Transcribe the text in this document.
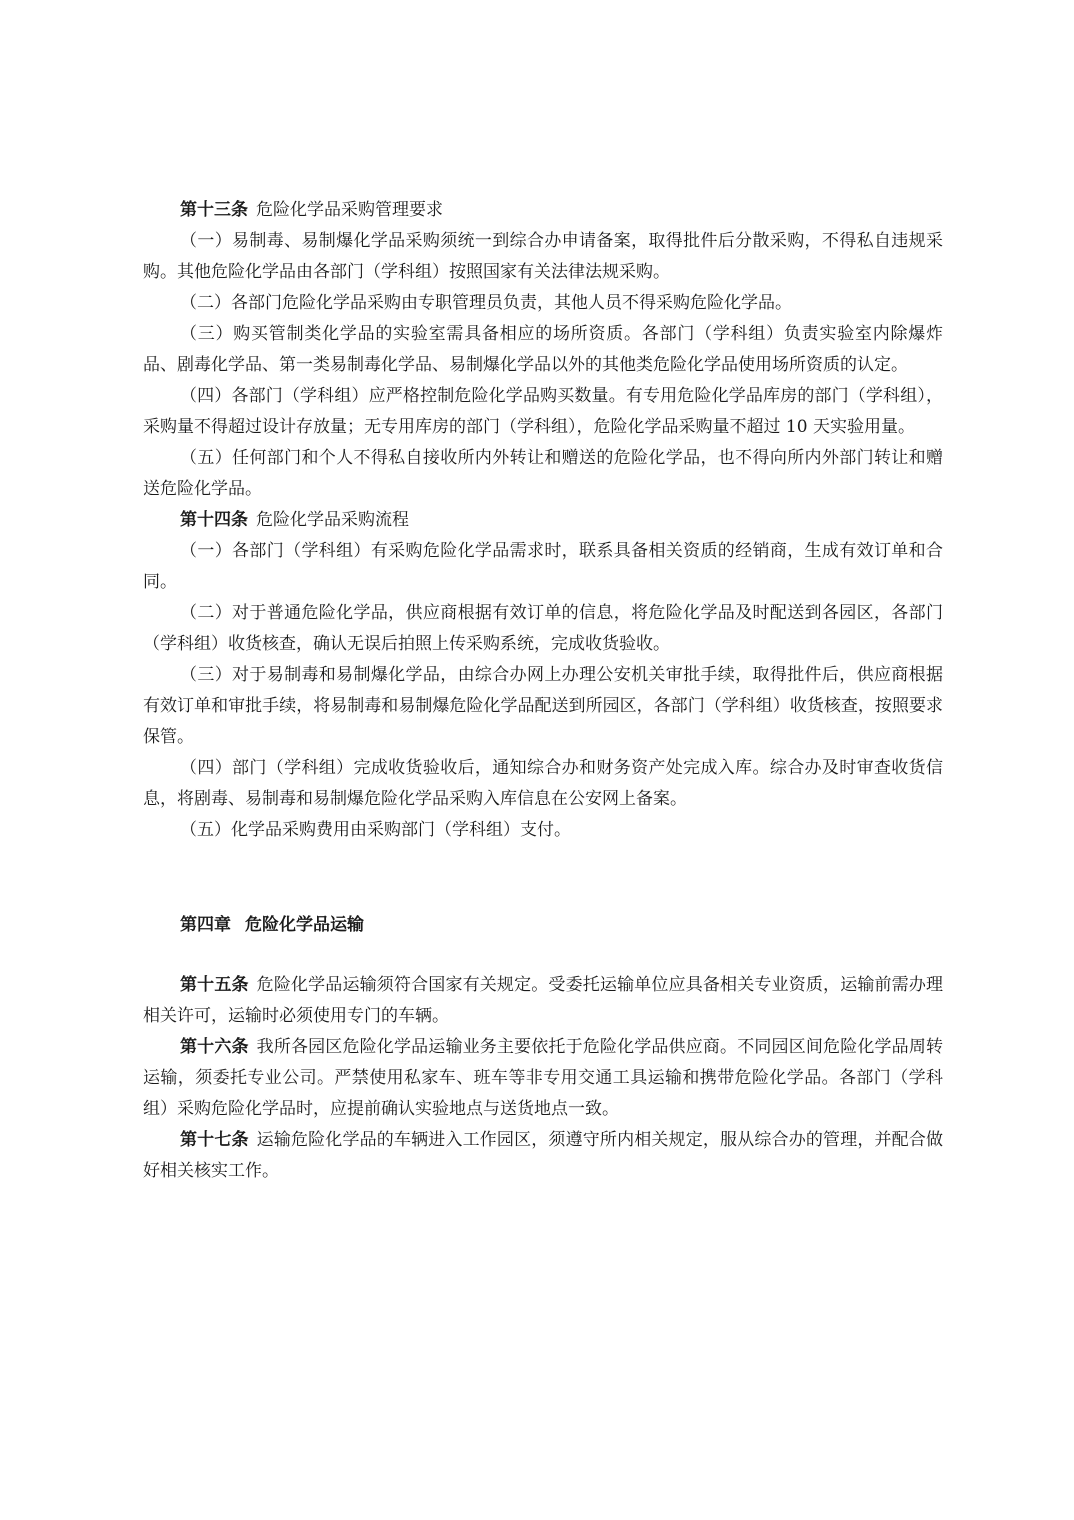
第十三条 危险化学品采购管理要求

（一）易制毒、易制爆化学品采购须统一到综合办申请备案，取得批件后分散采购，不得私自违规采购。其他危险化学品由各部门（学科组）按照国家有关法律法规采购。

（二）各部门危险化学品采购由专职管理员负责，其他人员不得采购危险化学品。

（三）购买管制类化学品的实验室需具备相应的场所资质。各部门（学科组）负责实验室内除爆炸品、剧毒化学品、第一类易制毒化学品、易制爆化学品以外的其他类危险化学品使用场所资质的认定。

（四）各部门（学科组）应严格控制危险化学品购买数量。有专用危险化学品库房的部门（学科组），采购量不得超过设计存放量；无专用库房的部门（学科组），危险化学品采购量不超过 10 天实验用量。

（五）任何部门和个人不得私自接收所内外转让和赠送的危险化学品，也不得向所内外部门转让和赠送危险化学品。

第十四条 危险化学品采购流程

（一）各部门（学科组）有采购危险化学品需求时，联系具备相关资质的经销商，生成有效订单和合同。

（二）对于普通危险化学品，供应商根据有效订单的信息，将危险化学品及时配送到各园区，各部门（学科组）收货核查，确认无误后拍照上传采购系统，完成收货验收。

（三）对于易制毒和易制爆化学品，由综合办网上办理公安机关审批手续，取得批件后，供应商根据有效订单和审批手续，将易制毒和易制爆危险化学品配送到所园区，各部门（学科组）收货核查，按照要求保管。

（四）部门（学科组）完成收货验收后，通知综合办和财务资产处完成入库。综合办及时审查收货信息，将剧毒、易制毒和易制爆危险化学品采购入库信息在公安网上备案。

（五）化学品采购费用由采购部门（学科组）支付。

第四章 危险化学品运输

第十五条 危险化学品运输须符合国家有关规定。受委托运输单位应具备相关专业资质，运输前需办理相关许可，运输时必须使用专门的车辆。

第十六条 我所各园区危险化学品运输业务主要依托于危险化学品供应商。不同园区间危险化学品周转运输，须委托专业公司。严禁使用私家车、班车等非专用交通工具运输和携带危险化学品。各部门（学科组）采购危险化学品时，应提前确认实验地点与送货地点一致。

第十七条 运输危险化学品的车辆进入工作园区，须遵守所内相关规定，服从综合办的管理，并配合做好相关核实工作。
